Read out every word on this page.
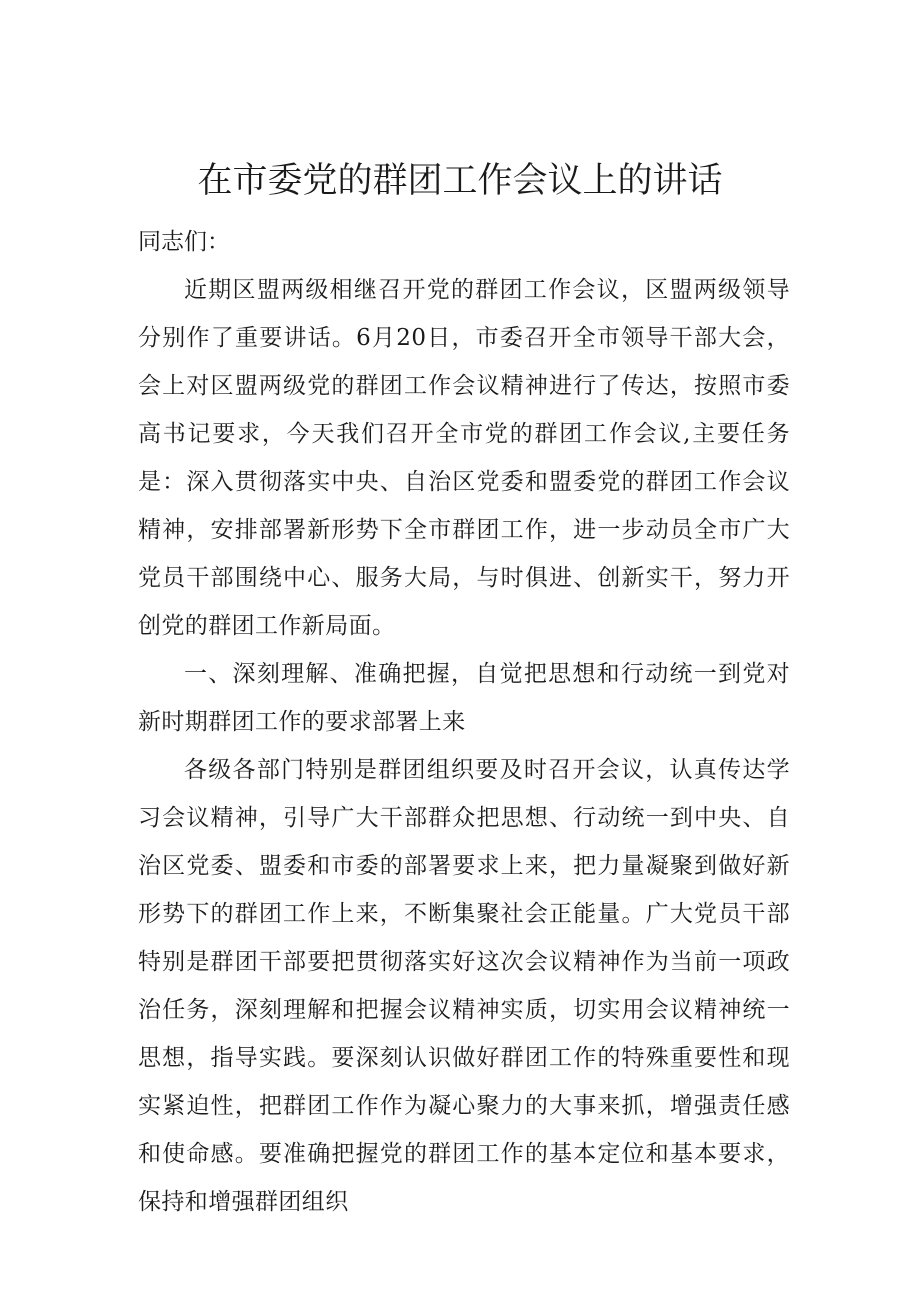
在市委党的群团工作会议上的讲话

同志们：

近期区盟两级相继召开党的群团工作会议，区盟两级领导分别作了重要讲话。6月20日，市委召开全市领导干部大会，会上对区盟两级党的群团工作会议精神进行了传达，按照市委高书记要求，今天我们召开全市党的群团工作会议,主要任务是：深入贯彻落实中央、自治区党委和盟委党的群团工作会议精神，安排部署新形势下全市群团工作，进一步动员全市广大党员干部围绕中心、服务大局，与时俱进、创新实干，努力开创党的群团工作新局面。

一、深刻理解、准确把握，自觉把思想和行动统一到党对新时期群团工作的要求部署上来

各级各部门特别是群团组织要及时召开会议，认真传达学习会议精神，引导广大干部群众把思想、行动统一到中央、自治区党委、盟委和市委的部署要求上来，把力量凝聚到做好新形势下的群团工作上来，不断集聚社会正能量。广大党员干部特别是群团干部要把贯彻落实好这次会议精神作为当前一项政治任务，深刻理解和把握会议精神实质，切实用会议精神统一思想，指导实践。要深刻认识做好群团工作的特殊重要性和现实紧迫性，把群团工作作为凝心聚力的大事来抓，增强责任感和使命感。要准确把握党的群团工作的基本定位和基本要求，保持和增强群团组织
